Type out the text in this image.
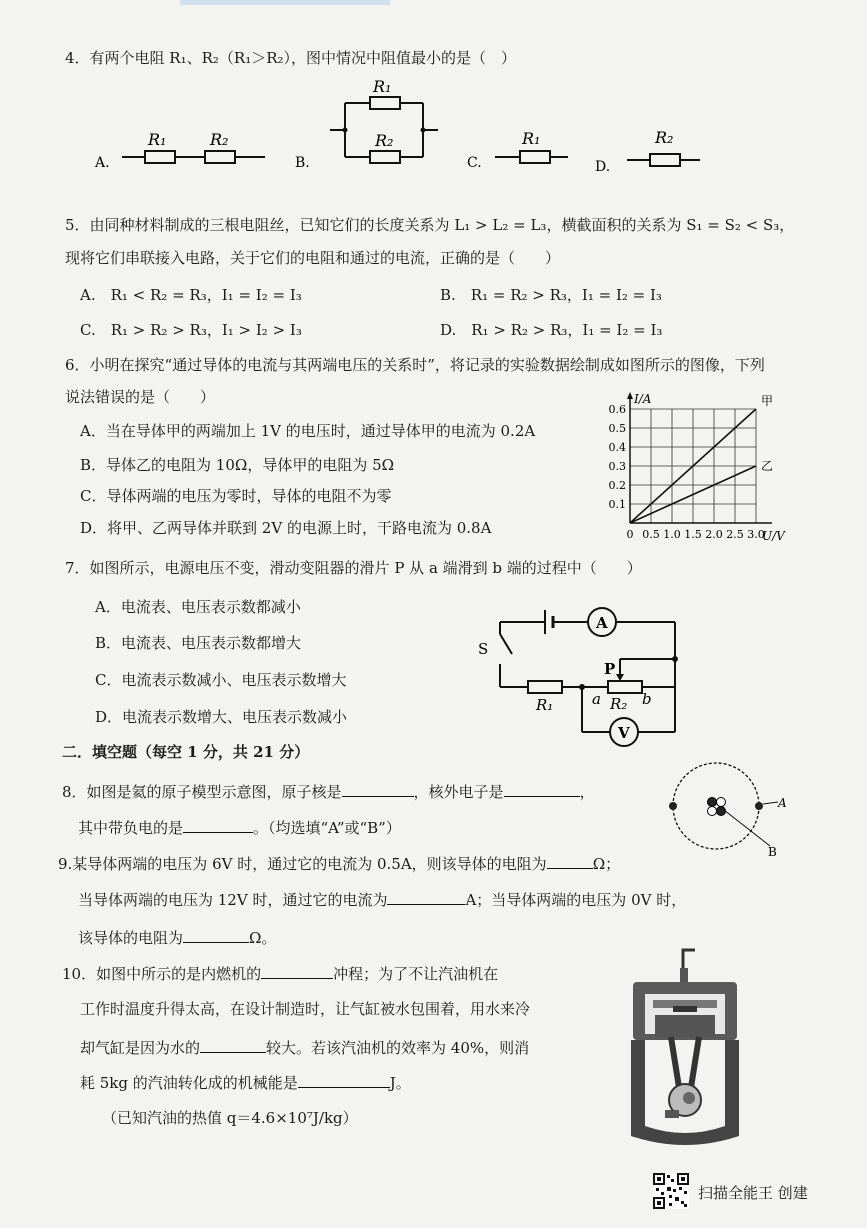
4．有两个电阻 R₁、R₂（R₁＞R₂），图中情况中阻值最小的是（　）
A.
R₁	R₂
B.
R₁
R₂
C.
R₁
D.
R₂
5．由同种材料制成的三根电阻丝，已知它们的长度关系为 L₁ > L₂ = L₃，横截面积的关系为 S₁ = S₂ < S₃，
现将它们串联接入电路，关于它们的电阻和通过的电流，正确的是（　　）
A.　R₁ < R₂ = R₃，I₁ = I₂ = I₃	B.　R₁ = R₂ > R₃，I₁ = I₂ = I₃
C.　R₁ > R₂ > R₃，I₁ > I₂ > I₃	D.　R₁ > R₂ > R₃，I₁ = I₂ = I₃
6．小明在探究“通过导体的电流与其两端电压的关系时”，将记录的实验数据绘制成如图所示的图像，下列
说法错误的是（　　）
A．当在导体甲的两端加上 1V 的电压时，通过导体甲的电流为 0.2A
B．导体乙的电阻为 10Ω，导体甲的电阻为 5Ω
C．导体两端的电压为零时，导体的电阻不为零
D．将甲、乙两导体并联到 2V 的电源上时，干路电流为 0.8A
0.1
0.2
0.3
0.4
0.5
0.6
0 0.5 1.0 1.5 2.0 2.5 3.0
I/A
U/V
甲
乙
7．如图所示，电源电压不变，滑动变阻器的滑片 P 从 a 端滑到 b 端的过程中（　　）
A．电流表、电压表示数都减小
B．电流表、电压表示数都增大
C．电流表示数减小、电压表示数增大
D．电流表示数增大、电压表示数减小
A
S
R₁	R₂
a	b
P
V
二．填空题（每空 1 分，共 21 分）
8．如图是氦的原子模型示意图，原子核是	，核外电子是	，
其中带负电的是	。（均选填“A”或“B”）
A
B
9.某导体两端的电压为 6V 时，通过它的电流为 0.5A，则该导体的电阻为	Ω；
当导体两端的电压为 12V 时，通过它的电流为	A；当导体两端的电压为 0V 时，
该导体的电阻为	Ω。
10．如图中所示的是内燃机的	冲程；为了不让汽油机在
工作时温度升得太高，在设计制造时，让气缸被水包围着，用水来冷
却气缸是因为水的	较大。若该汽油机的效率为 40%，则消
耗 5kg 的汽油转化成的机械能是	J。
（已知汽油的热值 q＝4.6×10⁷J/kg）
扫描全能王 创建
